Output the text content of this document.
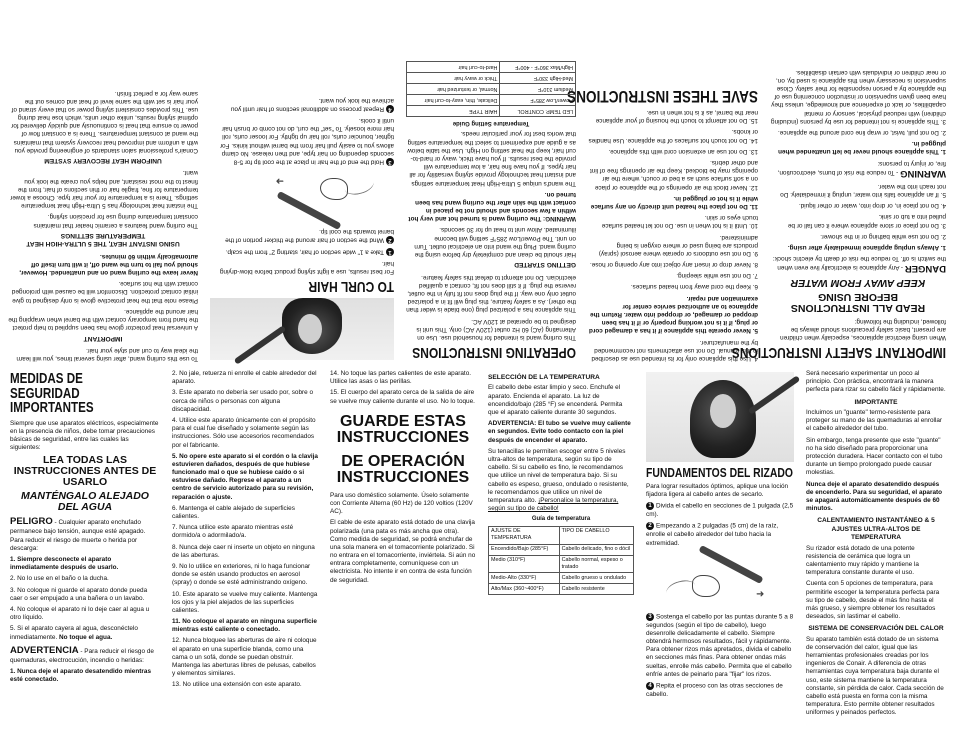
IMPORTANT SAFETY INSTRUCTIONS

When using electrical appliances, especially when children are present, basic safety precautions should always be followed, including the following:

READ ALL INSTRUCTIONS BEFORE USING
KEEP AWAY FROM WATER

DANGER - Any appliance is electrically live even when the switch is off. To reduce the risk of death by electric shock:

1. Always unplug appliance immediately after using.

2. Do not use while bathing or in the shower.

3. Do not place or store appliance where it can fall or be pulled into a tub or sink.

4. Do not place in, or drop into, water or other liquid.

5. If an appliance falls into water, unplug it immediately. Do not reach into the water.

WARNING - To reduce the risk of burns, electrocution, fire, or injury to persons:

1. This appliance should never be left unattended when plugged in.

2. Do not pull, twist, or wrap line cord around the appliance.

3. This appliance is not intended for use by persons (including children) with reduced physical, sensory or mental capabilities, or lack of experience and knowledge, unless they have been given supervision or instruction concerning use of the appliance by a person responsible for their safety. Close supervision is necessary when this appliance is used by, on, or near children or individuals with certain disabilities.

4. Use this appliance only for its intended use as described in this manual. Do not use attachments not recommended by the manufacturer.

5. Never operate this appliance if it has a damaged cord or plug, if it is not working properly or if it has been dropped or damaged, or dropped into water. Return the appliance to an authorized service center for examination and repair.

6. Keep the cord away from heated surfaces.

7. Do not use while sleeping.

8. Never drop or insert any object into any opening or hose.

9. Do not use outdoors or operate where aerosol (spray) products are being used or where oxygen is being administered.

10. Until it is hot when in use. Do not let heated surface touch eyes or skin.

11. Do not place the heated unit directly on any surface while it is hot or plugged in.

12. Never block the air openings of the appliance or place on a soft surface such as a bed or couch, where the air openings may be blocked. Keep the air openings free of lint and other debris.

13. Do not use an extension cord with this appliance.

14. Do not touch hot surfaces of the appliance. Use handles or knobs.

15. Do not attempt to touch the housing of your appliance near the barrel, as it is hot when in use.

SAVE THESE INSTRUCTIONS
OPERATING INSTRUCTIONS

This curling wand is intended for household use. Use on Alternating (AC) 60 Hz outlet (120V AC) only. This unit is designed to be operated at 120V AC.

This appliance has a polarized plug (one blade is wider than the other). As a safety feature, this plug will fit in a polarized outlet only one way. If the plug does not fit fully in the outlet, reverse the plug. If it still does not fit, contact a qualified electrician. Do not attempt to defeat this safety feature.

GETTING STARTED

Hair should be clean and completely dry before using the curling wand. Plug the wand into an electrical outlet. Turn on unit. The Power/Low 285°F setting will become illuminated. Allow unit to heat up for 30 seconds.

WARNING: The curling wand is turned hot and very hot within a few seconds and should not be placed in contact with the skin after the curling wand has been turned on.

The wand's unique 5 Ultra-High Heat temperature settings and instant heat technology provide styling versatility for all hair types. If you have fine hair, a low temperature will provide the best results. If you have thick, wavy or hard-to-curl hair, keep the heat setting on High. Use the table below as a guide and experiment to select the temperature setting that works best for your particular needs.

Temperature Setting Guide
LED TEMP. CONTROL	HAIR TYPE
Power/Low 285°F	Delicate, thin, easy-to-curl hair
Medium 310°F	Normal, or texturized hair
Med-High 330°F	Thick or wavy hair
High/Max 360°F - 400°F	Hard-to-curl hair
TO CURL HAIR

For best results, use a light styling product before blow-drying hair.

1Take a 1" wide section of hair, starting 2" from the scalp.

2Wind the section of hair around the thicker portion of the barrel towards the cool tip.

➜

3Hold the end of the hair in place at the cool tip for 5-8 seconds depending on hair type, and then release. No clamp allows you to easily pull hair from the barrel without kinks. For tighter, bouncier curls, roll hair up tightly. For looser curls, roll hair more loosely. To "set" the curl, do not comb or brush hair until it cools.

4Repeat process on additional sections of hair until you achieve the look you want.

To use this curling wand, after using several times, you will learn the ideal way to curl and style your hair.

IMPORTANT

A universal heat protector glove has been supplied to help protect the hand from temporary contact with the barrel when wrapping the hair around the appliance.

Please note that the heat protective glove is only designed to give initial contact protection. Discomfort will be caused with prolonged contact with the hot surface.

Never leave the curling wand on and unattended. However, should you fail to turn the wand off, it will turn itself off automatically within 60 minutes.

USING INSTANT HEAT, THE 5 ULTRA-HIGH HEAT TEMPERATURE SETTINGS

The curling wand features a ceramic heater that maintains constant temperature during use for precision styling.

The instant heat technology has 5 Ultra-High heat temperature settings. There is a temperature for your hair type. Choose a lower temperature for fine, fragile hair or thin sections of hair, from the finest to the most resistant, and helps you create the look you want.

UNIFORM HEAT RECOVERY SYSTEM

Conair's professional salon standards of engineering provide you with a uniform and improved heat recovery system that maintains the wand at constant temperatures. There is a constant flow of power to ensure that heat is continuously and quickly delivered for optimal styling results, unlike other units, which lose heat during use. This provides consistent styling power so that every strand of your hair is set with the same level of heat and comes out the same way for a perfect finish.

MEDIDAS DE SEGURIDAD IMPORTANTES

Siempre que use aparatos eléctricos, especialmente en la presencia de niños, debe tomar precauciones básicas de seguridad, entre las cuales las siguientes:

LEA TODAS LAS INSTRUCCIONES ANTES DE USARLO
MANTÉNGALO ALEJADO DEL AGUA

PELIGRO - Cualquier aparato enchufado permanece bajo tensión, aunque esté apagado. Para reducir el riesgo de muerte o herida por descarga:

1. Siempre desconecte el aparato inmediatamente después de usarlo.

2. No lo use en el baño o la ducha.

3. No coloque ni guarde el aparato donde pueda caer o ser empujado a una bañera o un lavabo.

4. No coloque el aparato ni lo deje caer al agua u otro líquido.

5. Si el aparato cayera al agua, desconéctelo inmediatamente. No toque el agua.

ADVERTENCIA - Para reducir el riesgo de quemaduras, electrocución, incendio o heridas:

1. Nunca deje el aparato desatendido mientras esté conectado.

2. No jale, retuerza ni enrolle el cable alrededor del aparato.

3. Este aparato no debería ser usado por, sobre o cerca de niños o personas con alguna discapacidad.

4. Utilice este aparato únicamente con el propósito para el cual fue diseñado y solamente según las instrucciones. Sólo use accesorios recomendados por el fabricante.

5. No opere este aparato si el cordón o la clavija estuvieren dañados, después de que hubiese funcionado mal o que se hubiese caído o si estuviese dañado. Regrese el aparato a un centro de servicio autorizado para su revisión, reparación o ajuste.

6. Mantenga el cable alejado de superficies calientes.

7. Nunca utilice este aparato mientras esté dormido/a o adormilado/a.

8. Nunca deje caer ni inserte un objeto en ninguna de las aberturas.

9. No lo utilice en exteriores, ni lo haga funcionar donde se estén usando productos en aerosol (spray) o donde se esté administrando oxígeno.

10. Este aparato se vuelve muy caliente. Mantenga los ojos y la piel alejados de las superficies calientes.

11. No coloque el aparato en ninguna superficie mientras esté caliente o conectado.

12. Nunca bloquee las aberturas de aire ni coloque el aparato en una superficie blanda, como una cama o un sofá, donde se puedan obstruir. Mantenga las aberturas libres de pelusas, cabellos y elementos similares.

13. No utilice una extensión con este aparato.

14. No toque las partes calientes de este aparato. Utilice las asas o las perillas.

15. El cuerpo del aparato cerca de la salida de aire se vuelve muy caliente durante el uso. No lo toque.

GUARDE ESTAS INSTRUCCIONES
DE OPERACIÓN INSTRUCCIONES

Para uso doméstico solamente. Úselo solamente con Corriente Alterna (60 Hz) de 120 voltios (120V AC).

El cable de este aparato está dotado de una clavija polarizada (una pata es más ancha que otra). Como medida de seguridad, se podrá enchufar de una sola manera en el tomacorriente polarizado. Si no entrara en el tomacorriente, inviértela. Si aún no entrara completamente, comuníquese con un electricista. No intente ir en contra de esta función de seguridad.

SELECCIÓN DE LA TEMPERATURA

El cabello debe estar limpio y seco. Enchufe el aparato. Encienda el aparato. La luz de encendido/bajo (285 °F) se encenderá. Permita que el aparato caliente durante 30 segundos.

ADVERTENCIA: El tubo se vuelve muy caliente en segundos. Evite todo contacto con la piel después de encender el aparato.

Su tenacillas le permiten escoger entre 5 niveles ultra-altos de temperatura, según su tipo de cabello. Si su cabello es fino, le recomendamos que utilice un nivel de temperatura bajo. Si su cabello es espeso, grueso, ondulado o resistente, le recomendamos que utilice un nivel de temperatura alto. ¡Personalice la temperatura, según su tipo de cabello!

Guía de temperatura
AJUSTE DE TEMPERATURA	TIPO DE CABELLO
Encendido/Bajo (285°F)	Cabello delicado, fino o dócil
Medio (310°F)	Cabello normal, espeso o tratado
Medio-Alto (330°F)	Cabello grueso u ondulado
Alto/Max (360~400°F)	Cabello resistente
FUNDAMENTOS DEL RIZADO

Para lograr resultados óptimos, aplique una loción fijadora ligera al cabello antes de secarlo.

1 Divida el cabello en secciones de 1 pulgada (2,5 cm).

2 Empezando a 2 pulgadas (5 cm) de la raíz, enrolle el cabello alrededor del tubo hacia la extremidad.

➜

3 Sostenga el cabello por las puntas durante 5 a 8 segundos (según el tipo de cabello), luego desenrolle delicadamente el cabello. Siempre obtendrá hermosos resultados, fácil y rápidamente. Para obtener rizos más apretados, divida el cabello en secciones más finas. Para obtener ondas más sueltas, enrolle más cabello. Permita que el cabello enfríe antes de peinarlo para "fijar" los rizos.

4 Repita el proceso con las otras secciones de cabello.

Será necesario experimentar un poco al principio. Con práctica, encontrará la manera perfecta para rizar su cabello fácil y rápidamente.

IMPORTANTE

Incluimos un "guante" termo-resistente para proteger su mano de las quemaduras al enrollar el cabello alrededor del tubo.

Sin embargo, tenga presente que este "guante" no ha sido diseñado para proporcionar una protección duradera. Hacer contacto con el tubo durante un tiempo prolongado puede causar molestias.

Nunca deje el aparato desatendido después de encenderlo. Para su seguridad, el aparato se apagará automáticamente después de 60 minutos.

CALENTAMIENTO INSTANTÁNEO & 5 AJUSTES ULTRA-ALTOS DE TEMPERATURA

Su rizador está dotado de una potente resistencia de cerámica que logra un calentamiento muy rápido y mantiene la temperatura constante durante el uso.

Cuenta con 5 opciones de temperatura, para permitirle escoger la temperatura perfecta para su tipo de cabello, desde el más fino hasta el más grueso, y siempre obtener los resultados deseados, sin lastimar el cabello.

SISTEMA DE CONSERVACIÓN DEL CALOR

Su aparato también está dotado de un sistema de conservación del calor, igual que las herramientas profesionales creadas por los ingenieros de Conair. A diferencia de otras herramientas cuya temperatura baja durante el uso, este sistema mantiene la temperatura constante, sin pérdida de calor. Cada sección de cabello está puesta en forma con la misma temperatura. Esto permite obtener resultados uniformes y peinados perfectos.
